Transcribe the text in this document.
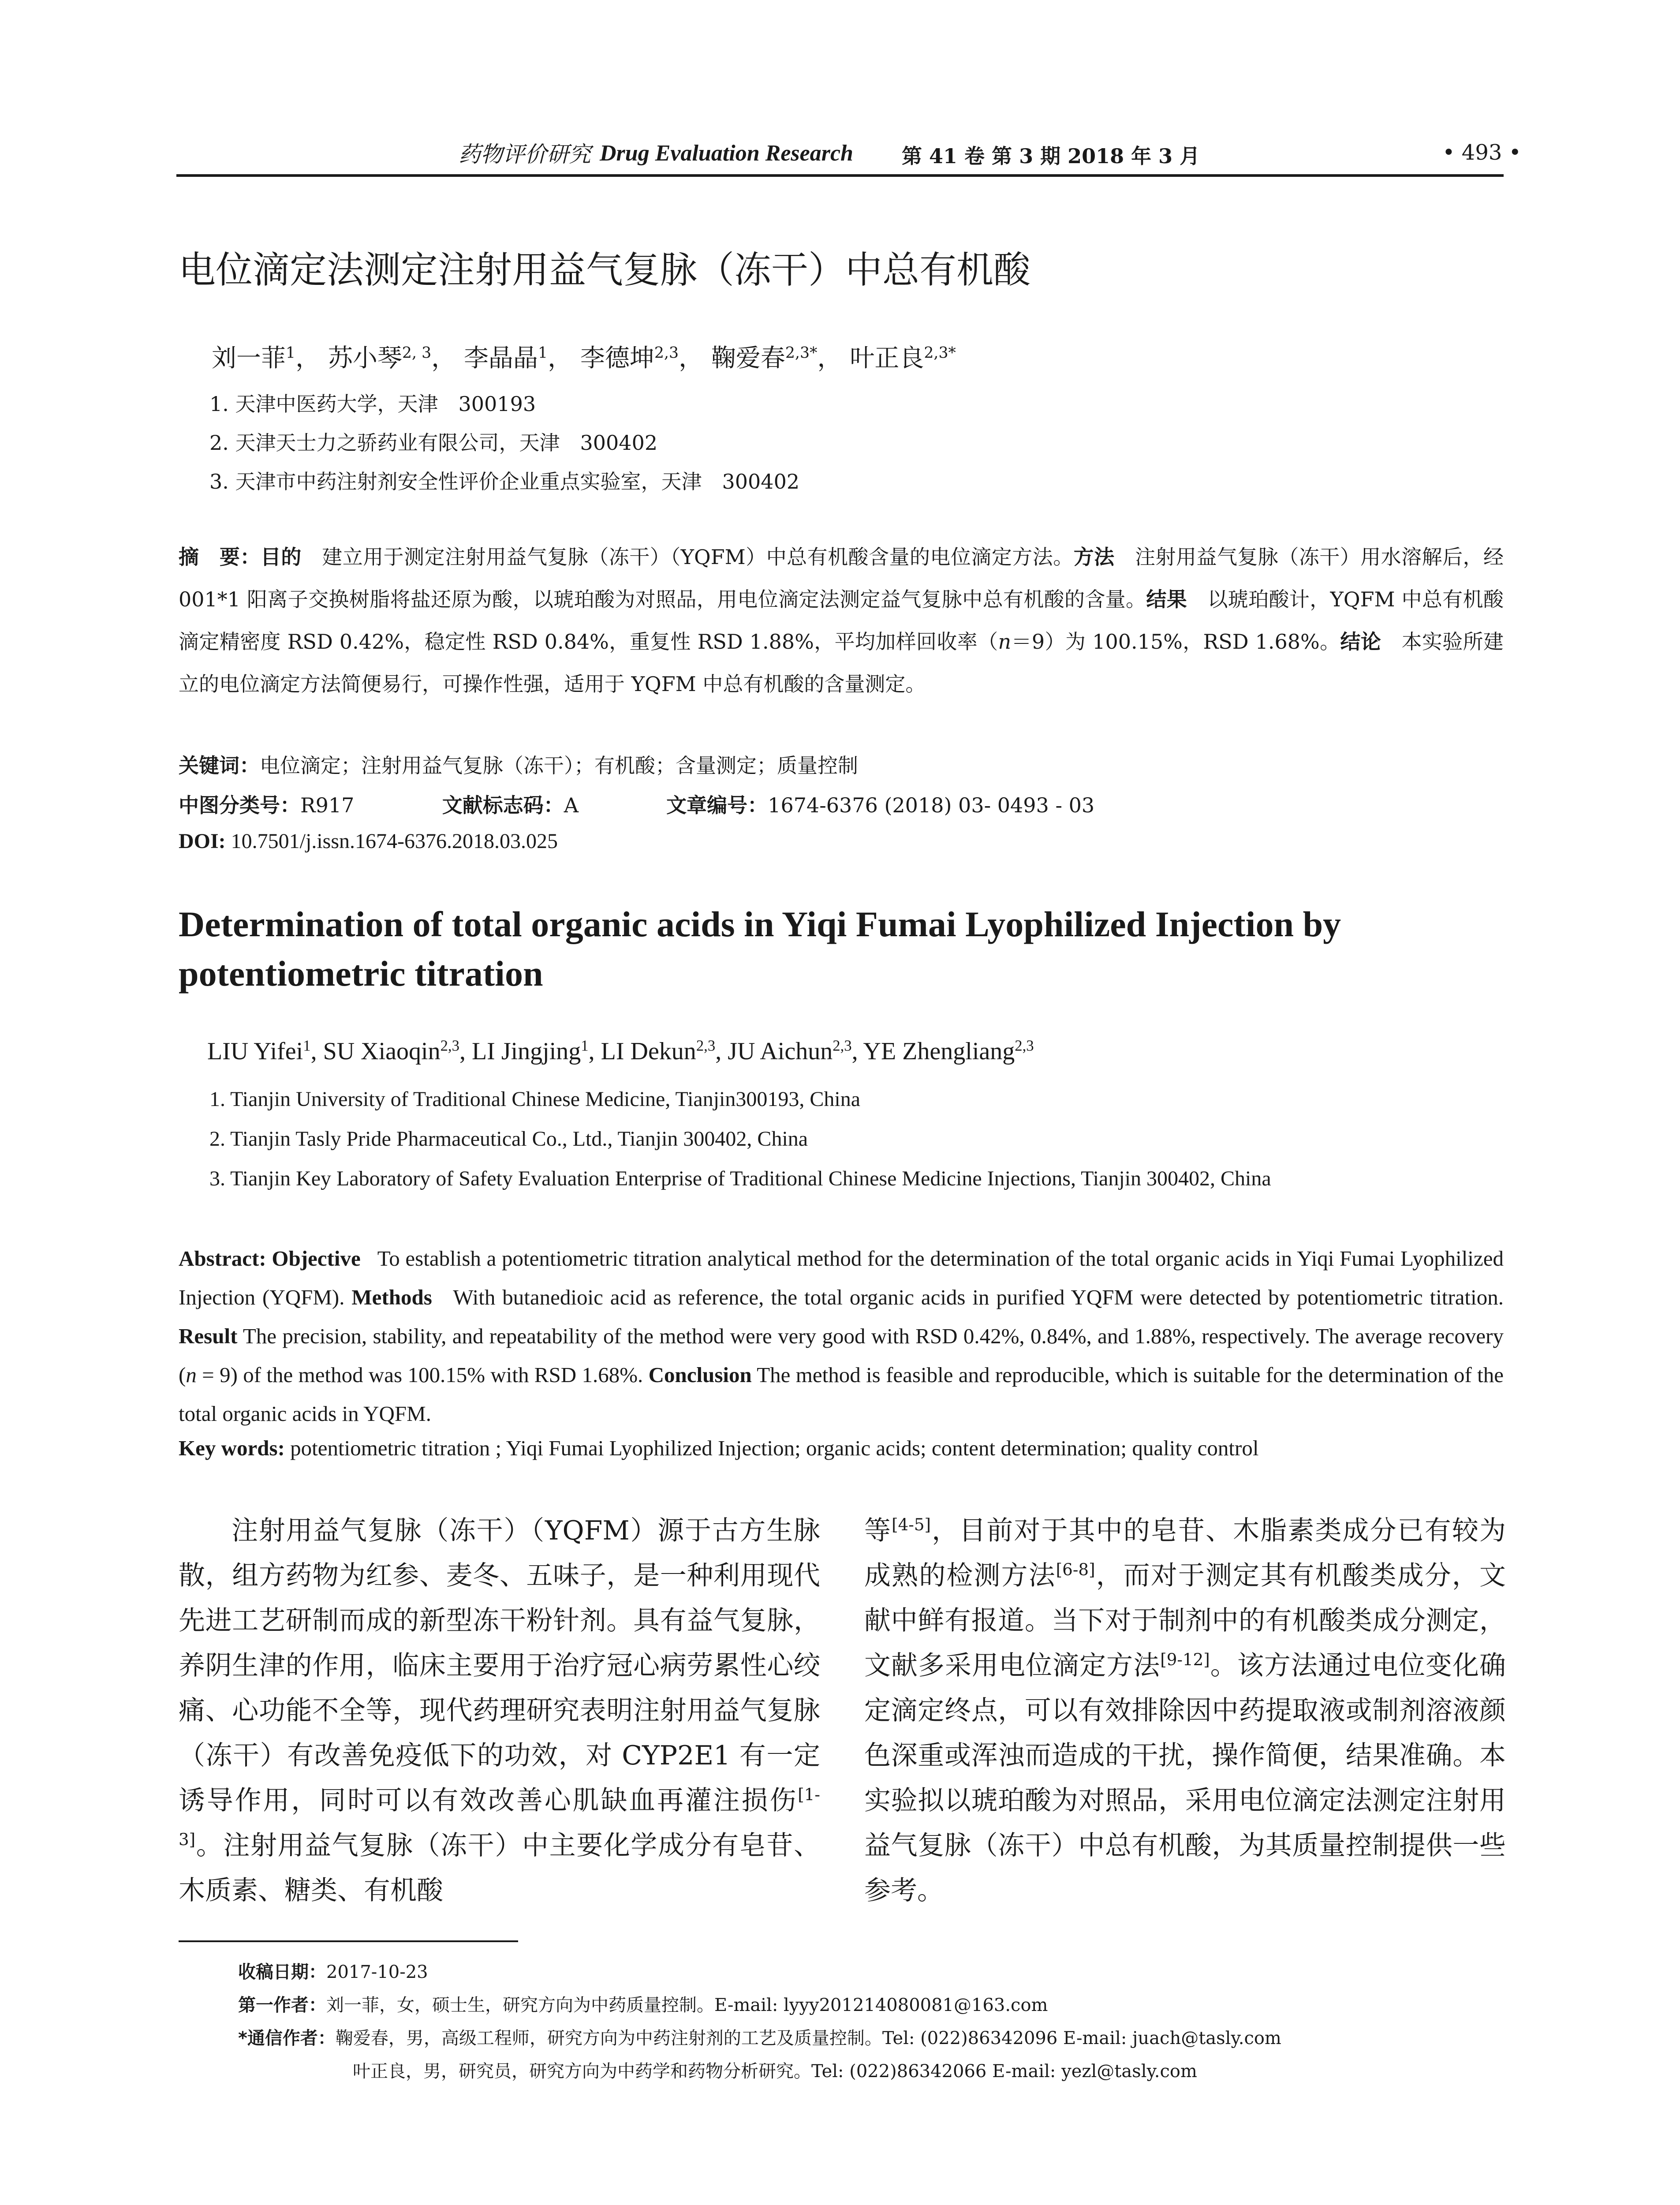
药物评价研究 Drug Evaluation Research 第 41 卷 第 3 期 2018 年 3 月	• 493 •
电位滴定法测定注射用益气复脉（冻干）中总有机酸
刘一菲$^1$， 苏小琴$^{2, 3}$， 李晶晶$^1$， 李德坤$^{2,3}$， 鞠爱春$^{2,3*}$， 叶正良$^{2,3*}$
1. 天津中医药大学，天津　300193
2. 天津天士力之骄药业有限公司，天津　300402
3. 天津市中药注射剂安全性评价企业重点实验室，天津　300402
摘　要：目的　 建立用于测定注射用益气复脉（冻干）（YQFM）中总有机酸含量的电位滴定方法。方法　 注射用益气复脉（冻干）用水溶解后，经 001*1 阳离子交换树脂将盐还原为酸，以琥珀酸为对照品，用电位滴定法测定益气复脉中总有机酸的含量。结果　 以琥珀酸计，YQFM 中总有机酸滴定精密度 RSD 0.42%，稳定性 RSD 0.84%，重复性 RSD 1.88%，平均加样回收率（n＝9）为 100.15%，RSD 1.68%。结论　 本实验所建立的电位滴定方法简便易行，可操作性强，适用于 YQFM 中总有机酸的含量测定。
关键词：电位滴定；注射用益气复脉（冻干）；有机酸；含量测定；质量控制
中图分类号：R917	文献标志码：A	文章编号：1674-6376 (2018) 03- 0493 - 03
DOI: 10.7501/j.issn.1674-6376.2018.03.025
Determination of total organic acids in Yiqi Fumai Lyophilized Injection by
potentiometric titration
LIU Yifei$^1$, SU Xiaoqin$^{2,3}$, LI Jingjing$^1$, LI Dekun$^{2,3}$, JU Aichun$^{2,3}$, YE Zhengliang$^{2,3}$
1. Tianjin University of Traditional Chinese Medicine, Tianjin300193, China
2. Tianjin Tasly Pride Pharmaceutical Co., Ltd., Tianjin 300402, China
3. Tianjin Key Laboratory of Safety Evaluation Enterprise of Traditional Chinese Medicine Injections, Tianjin 300402, China
Abstract: Objective To establish a potentiometric titration analytical method for the determination of the total organic acids in Yiqi Fumai Lyophilized Injection (YQFM). Methods With butanedioic acid as reference, the total organic acids in purified YQFM were detected by potentiometric titration. Result The precision, stability, and repeatability of the method were very good with RSD 0.42%, 0.84%, and 1.88%, respectively. The average recovery (n = 9) of the method was 100.15% with RSD 1.68%. Conclusion The method is feasible and reproducible, which is suitable for the determination of the total organic acids in YQFM.
Key words: potentiometric titration ; Yiqi Fumai Lyophilized Injection; organic acids; content determination; quality control

注射用益气复脉（冻干）（YQFM）源于古方生脉散，组方药物为红参、麦冬、五味子，是一种利用现代先进工艺研制而成的新型冻干粉针剂。具有益气复脉，养阴生津的作用，临床主要用于治疗冠心病劳累性心绞痛、心功能不全等，现代药理研究表明注射用益气复脉（冻干）有改善免疫低下的功效，对 CYP2E1 有一定诱导作用，同时可以有效改善心肌缺血再灌注损伤[1-3]。注射用益气复脉（冻干）中主要化学成分有皂苷、木质素、糖类、有机酸

等[4-5]，目前对于其中的皂苷、木脂素类成分已有较为成熟的检测方法[6-8]，而对于测定其有机酸类成分，文献中鲜有报道。当下对于制剂中的有机酸类成分测定，文献多采用电位滴定方法[9-12]。该方法通过电位变化确定滴定终点，可以有效排除因中药提取液或制剂溶液颜色深重或浑浊而造成的干扰，操作简便，结果准确。本实验拟以琥珀酸为对照品，采用电位滴定法测定注射用益气复脉（冻干）中总有机酸，为其质量控制提供一些参考。

收稿日期：2017-10-23
第一作者：刘一菲，女，硕士生，研究方向为中药质量控制。E-mail: lyyy201214080081@163.com
*通信作者：鞠爱春，男，高级工程师，研究方向为中药注射剂的工艺及质量控制。Tel: (022)86342096 E-mail: juach@tasly.com
叶正良，男，研究员，研究方向为中药学和药物分析研究。Tel: (022)86342066 E-mail: yezl@tasly.com
